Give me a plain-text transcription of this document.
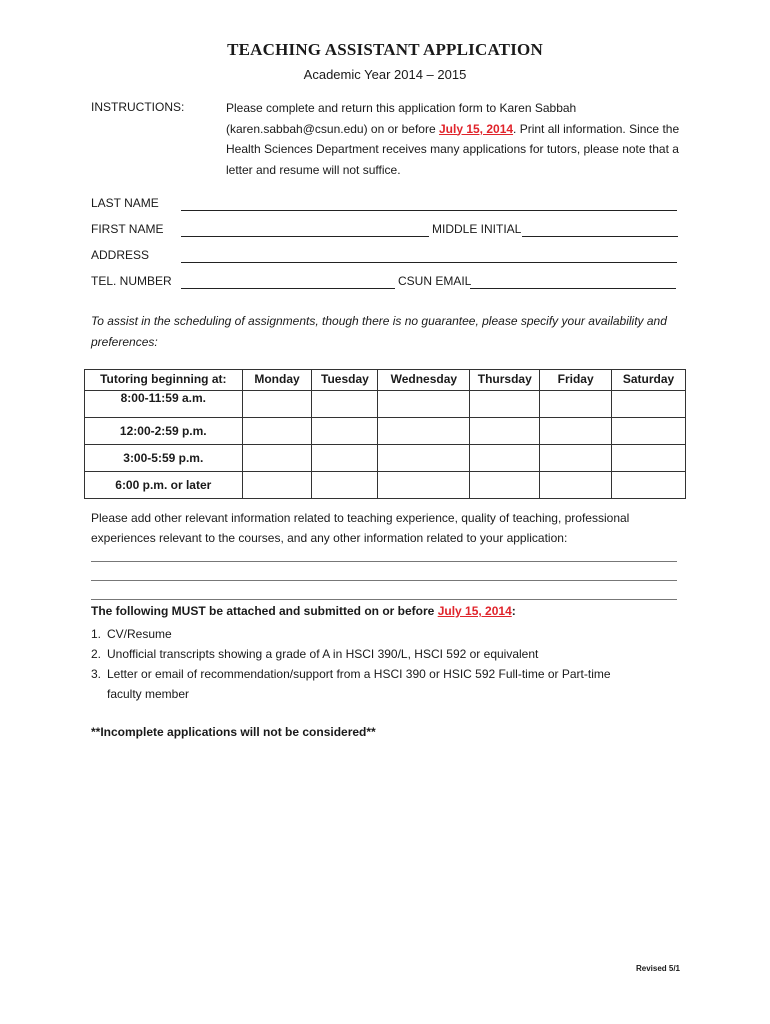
TEACHING ASSISTANT APPLICATION
Academic Year 2014 – 2015
INSTRUCTIONS:	Please complete and return this application form to Karen Sabbah (karen.sabbah@csun.edu) on or before July 15, 2014. Print all information. Since the Health Sciences Department receives many applications for tutors, please note that a letter and resume will not suffice.
LAST NAME
FIRST NAME	MIDDLE INITIAL
ADDRESS
TEL. NUMBER	CSUN EMAIL
To assist in the scheduling of assignments, though there is no guarantee, please specify your availability and preferences:
Tutoring beginning at:	Monday	Tuesday	Wednesday	Thursday	Friday	Saturday
8:00-11:59 a.m.						
12:00-2:59 p.m.						
3:00-5:59 p.m.						
6:00 p.m. or later						
Please add other relevant information related to teaching experience, quality of teaching, professional experiences relevant to the courses, and any other information related to your application:
The following MUST be attached and submitted on or before July 15, 2014:
1. CV/Resume
2. Unofficial transcripts showing a grade of A in HSCI 390/L, HSCI 592 or equivalent
3. Letter or email of recommendation/support from a HSCI 390 or HSIC 592 Full-time or Part-time
faculty member
**Incomplete applications will not be considered**
Revised 5/1
